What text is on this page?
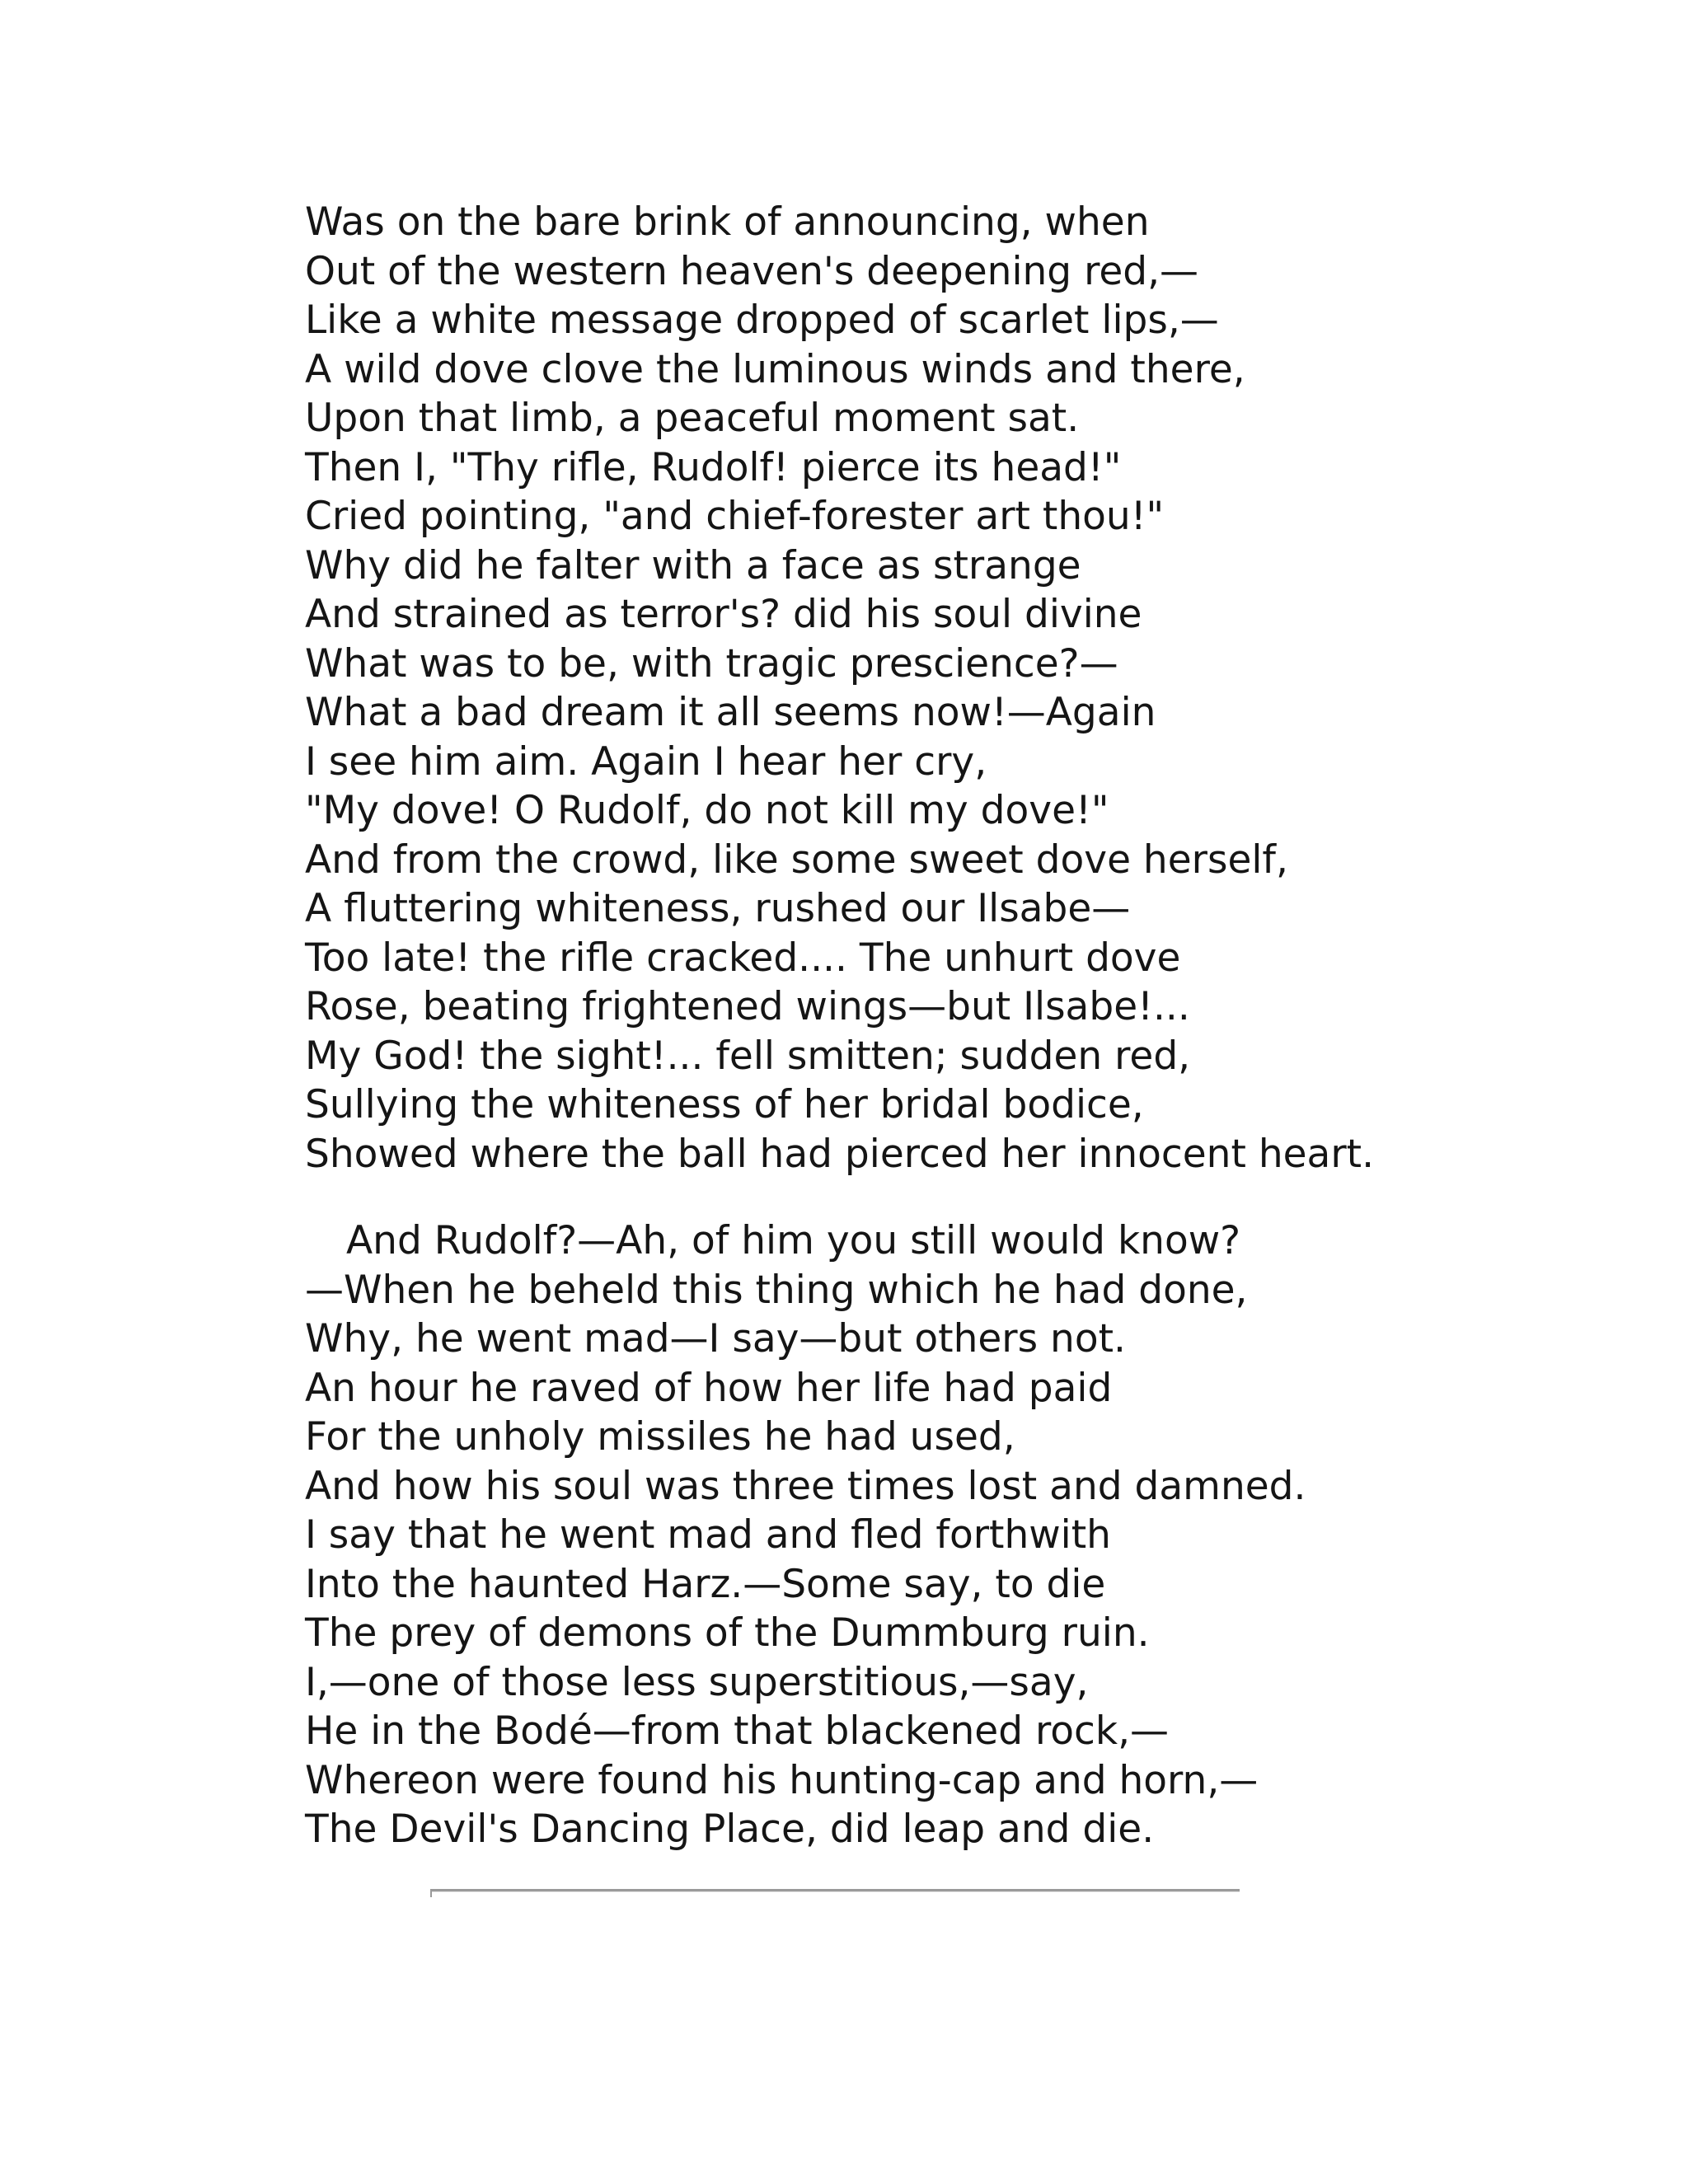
Was on the bare brink of announcing, when
Out of the western heaven's deepening red,—
Like a white message dropped of scarlet lips,—
A wild dove clove the luminous winds and there,
Upon that limb, a peaceful moment sat.
Then I, "Thy rifle, Rudolf! pierce its head!"
Cried pointing, "and chief-forester art thou!"
Why did he falter with a face as strange
And strained as terror's? did his soul divine
What was to be, with tragic prescience?—
What a bad dream it all seems now!—Again
I see him aim. Again I hear her cry,
"My dove! O Rudolf, do not kill my dove!"
And from the crowd, like some sweet dove herself,
A fluttering whiteness, rushed our Ilsabe—
Too late! the rifle cracked.... The unhurt dove
Rose, beating frightened wings—but Ilsabe!...
My God! the sight!... fell smitten; sudden red,
Sullying the whiteness of her bridal bodice,
Showed where the ball had pierced her innocent heart.
And Rudolf?—Ah, of him you still would know?
—When he beheld this thing which he had done,
Why, he went mad—I say—but others not.
An hour he raved of how her life had paid
For the unholy missiles he had used,
And how his soul was three times lost and damned.
I say that he went mad and fled forthwith
Into the haunted Harz.—Some say, to die
The prey of demons of the Dummburg ruin.
I,—one of those less superstitious,—say,
He in the Bodé—from that blackened rock,—
Whereon were found his hunting-cap and horn,—
The Devil's Dancing Place, did leap and die.
